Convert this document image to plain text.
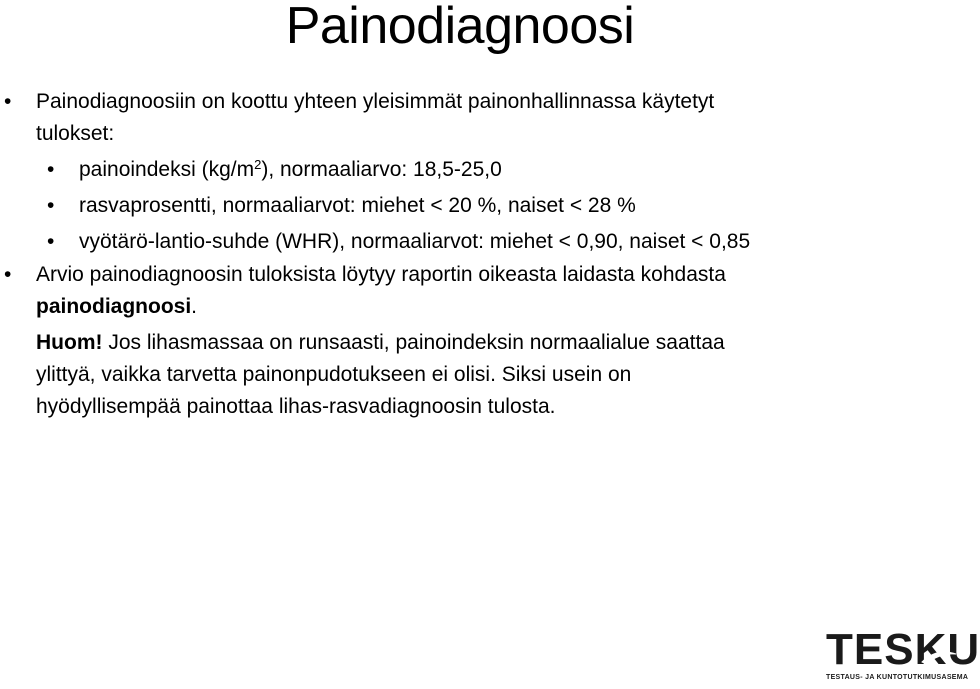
Painodiagnoosi

• Painodiagnoosiin on koottu yhteen yleisimmät painonhallinnassa käytetyt
tulokset:

• painoindeksi $(kg/m^2)$, normaaliarvo: 18,5-25,0

• rasvaprosentti, normaaliarvot: miehet < 20 %, naiset < 28 %

• vyötärö-lantio-suhde (WHR), normaaliarvot: miehet < 0,90, naiset < 0,85

• Arvio painodiagnoosin tuloksista löytyy raportin oikeasta laidasta kohdasta
painodiagnoosi.

Huom! Jos lihasmassaa on runsaasti, painoindeksin normaalialue saattaa
ylittyä, vaikka tarvetta painonpudotukseen ei olisi. Siksi usein on
hyödyllisempää painottaa lihas-rasvadiagnoosin tulosta.

TESKU
TESTAUS- JA KUNTOTUTKIMUSASEMA
